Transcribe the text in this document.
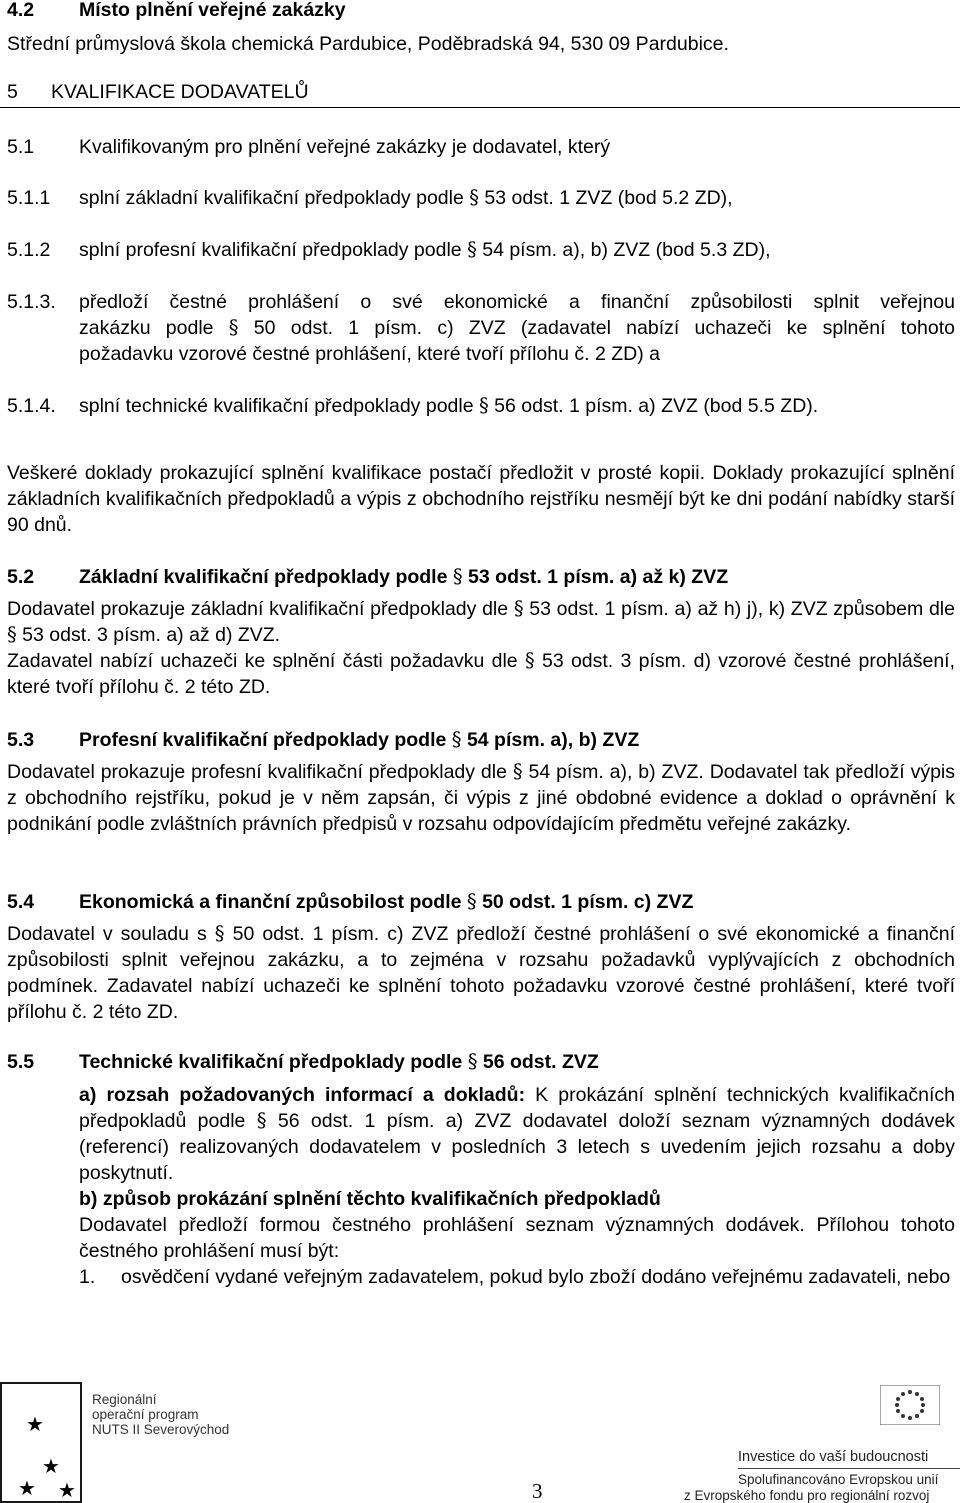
4.2 Místo plnění veřejné zakázky
Střední průmyslová škola chemická Pardubice, Poděbradská 94, 530 09 Pardubice.
5 KVALIFIKACE DODAVATELŮ
5.1 Kvalifikovaným pro plnění veřejné zakázky je dodavatel, který
5.1.1 splní základní kvalifikační předpoklady podle § 53 odst. 1 ZVZ (bod 5.2 ZD),
5.1.2 splní profesní kvalifikační předpoklady podle § 54 písm. a), b) ZVZ (bod 5.3 ZD),
5.1.3. předloží čestné prohlášení o své ekonomické a finanční způsobilosti splnit veřejnou
zakázku podle § 50 odst. 1 písm. c) ZVZ (zadavatel nabízí uchazeči ke splnění tohoto
požadavku vzorové čestné prohlášení, které tvoří přílohu č. 2 ZD) a
5.1.4. splní technické kvalifikační předpoklady podle § 56 odst. 1 písm. a) ZVZ (bod 5.5 ZD).
Veškeré doklady prokazující splnění kvalifikace postačí předložit v prosté kopii. Doklady prokazující splnění základních kvalifikačních předpokladů a výpis z obchodního rejstříku nesmějí být ke dni podání nabídky starší 90 dnů.
5.2 Základní kvalifikační předpoklady podle § 53 odst. 1 písm. a) až k) ZVZ
Dodavatel prokazuje základní kvalifikační předpoklady dle § 53 odst. 1 písm. a) až h) j), k) ZVZ způsobem dle § 53 odst. 3 písm. a) až d) ZVZ.
Zadavatel nabízí uchazeči ke splnění části požadavku dle § 53 odst. 3 písm. d) vzorové čestné prohlášení, které tvoří přílohu č. 2 této ZD.
5.3 Profesní kvalifikační předpoklady podle § 54 písm. a), b) ZVZ
Dodavatel prokazuje profesní kvalifikační předpoklady dle § 54 písm. a), b) ZVZ. Dodavatel tak předloží výpis z obchodního rejstříku, pokud je v něm zapsán, či výpis z jiné obdobné evidence a doklad o oprávnění k podnikání podle zvláštních právních předpisů v rozsahu odpovídajícím předmětu veřejné zakázky.
5.4 Ekonomická a finanční způsobilost podle § 50 odst. 1 písm. c) ZVZ
Dodavatel v souladu s § 50 odst. 1 písm. c) ZVZ předloží čestné prohlášení o své ekonomické a finanční způsobilosti splnit veřejnou zakázku, a to zejména v rozsahu požadavků vyplývajících z obchodních podmínek. Zadavatel nabízí uchazeči ke splnění tohoto požadavku vzorové čestné prohlášení, které tvoří přílohu č. 2 této ZD.
5.5 Technické kvalifikační předpoklady podle § 56 odst. ZVZ
a) rozsah požadovaných informací a dokladů: K prokázání splnění technických kvalifikačních předpokladů podle § 56 odst. 1 písm. a) ZVZ dodavatel doloží seznam významných dodávek (referencí) realizovaných dodavatelem v posledních 3 letech s uvedením jejich rozsahu a doby poskytnutí.
b) způsob prokázání splnění těchto kvalifikačních předpokladů
Dodavatel předloží formou čestného prohlášení seznam významných dodávek. Přílohou tohoto čestného prohlášení musí být:
1. osvědčení vydané veřejným zadavatelem, pokud bylo zboží dodáno veřejnému zadavateli, nebo
★
★
★ ★
Regionální
operační program
NUTS II Severovýchod
3
Investice do vaší budoucnosti
Spolufinancováno Evropskou unií
z Evropského fondu pro regionální rozvoj
